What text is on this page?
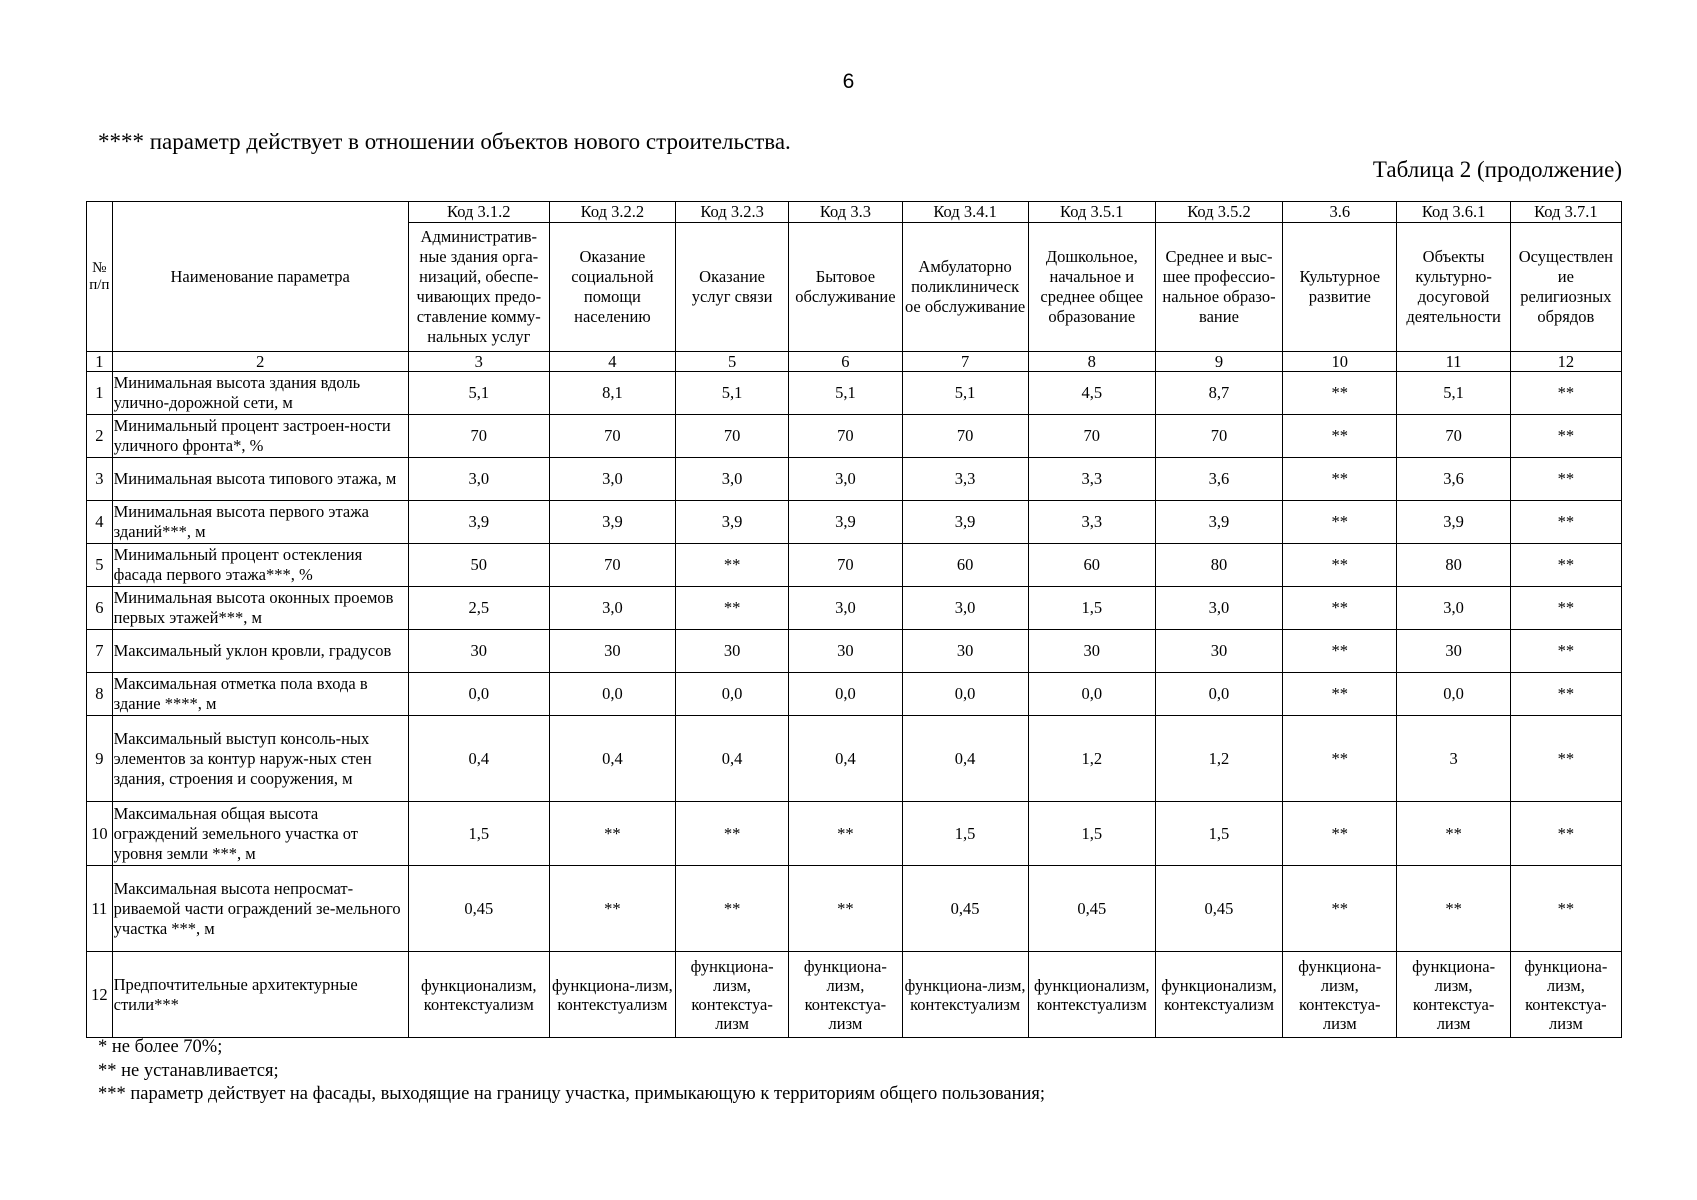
6
**** параметр действует в отношении объектов нового строительства.
Таблица 2 (продолжение)
№ п/п	Наименование параметра	Код 3.1.2	Код 3.2.2	Код 3.2.3	Код 3.3	Код 3.4.1	Код 3.5.1	Код 3.5.2	3.6	Код 3.6.1	Код 3.7.1
		Административ-ные здания орга-низаций, обеспе-чивающих предо-ставление комму-нальных услуг	Оказание социальной помощи населению	Оказание услуг связи	Бытовое обслуживание	Амбулаторно поликлиническ ое обслуживание	Дошкольное, начальное и среднее общее образование	Среднее и выс-шее профессио-нальное образо-вание	Культурное развитие	Объекты культурно-досуговой деятельности	Осуществлен ие религиозных обрядов
1	2	3	4	5	6	7	8	9	10	11	12
1	Минимальная высота здания вдоль улично-дорожной сети, м	5,1	8,1	5,1	5,1	5,1	4,5	8,7	**	5,1	**
2	Минимальный процент застроен-ности уличного фронта*, %	70	70	70	70	70	70	70	**	70	**
3	Минимальная высота типового этажа, м	3,0	3,0	3,0	3,0	3,3	3,3	3,6	**	3,6	**
4	Минимальная высота первого этажа зданий***, м	3,9	3,9	3,9	3,9	3,9	3,3	3,9	**	3,9	**
5	Минимальный процент остекления фасада первого этажа***, %	50	70	**	70	60	60	80	**	80	**
6	Минимальная высота оконных проемов первых этажей***, м	2,5	3,0	**	3,0	3,0	1,5	3,0	**	3,0	**
7	Максимальный уклон кровли, градусов	30	30	30	30	30	30	30	**	30	**
8	Максимальная отметка пола входа в здание ****, м	0,0	0,0	0,0	0,0	0,0	0,0	0,0	**	0,0	**
9	Максимальный выступ консоль-ных элементов за контур наруж-ных стен здания, строения и сооружения, м	0,4	0,4	0,4	0,4	0,4	1,2	1,2	**	3	**
10	Максимальная общая высота ограждений земельного участка от уровня земли ***, м	1,5	**	**	**	1,5	1,5	1,5	**	**	**
11	Максимальная высота непросмат-риваемой части ограждений зе-мельного участка ***, м	0,45	**	**	**	0,45	0,45	0,45	**	**	**
12	Предпочтительные архитектурные стили***	функционализм, контекстуализм	функциона-лизм, контекстуализм	функциона-лизм, контекстуа-лизм	функциона-лизм, контекстуа-лизм	функциона-лизм, контекстуализм	функционализм, контекстуализм	функционализм, контекстуализм	функциона-лизм, контекстуа-лизм	функциона-лизм, контекстуа-лизм	функциона-лизм, контекстуа-лизм
* не более 70%;
** не устанавливается;
*** параметр действует на фасады, выходящие на границу участка, примыкающую к территориям общего пользования;
